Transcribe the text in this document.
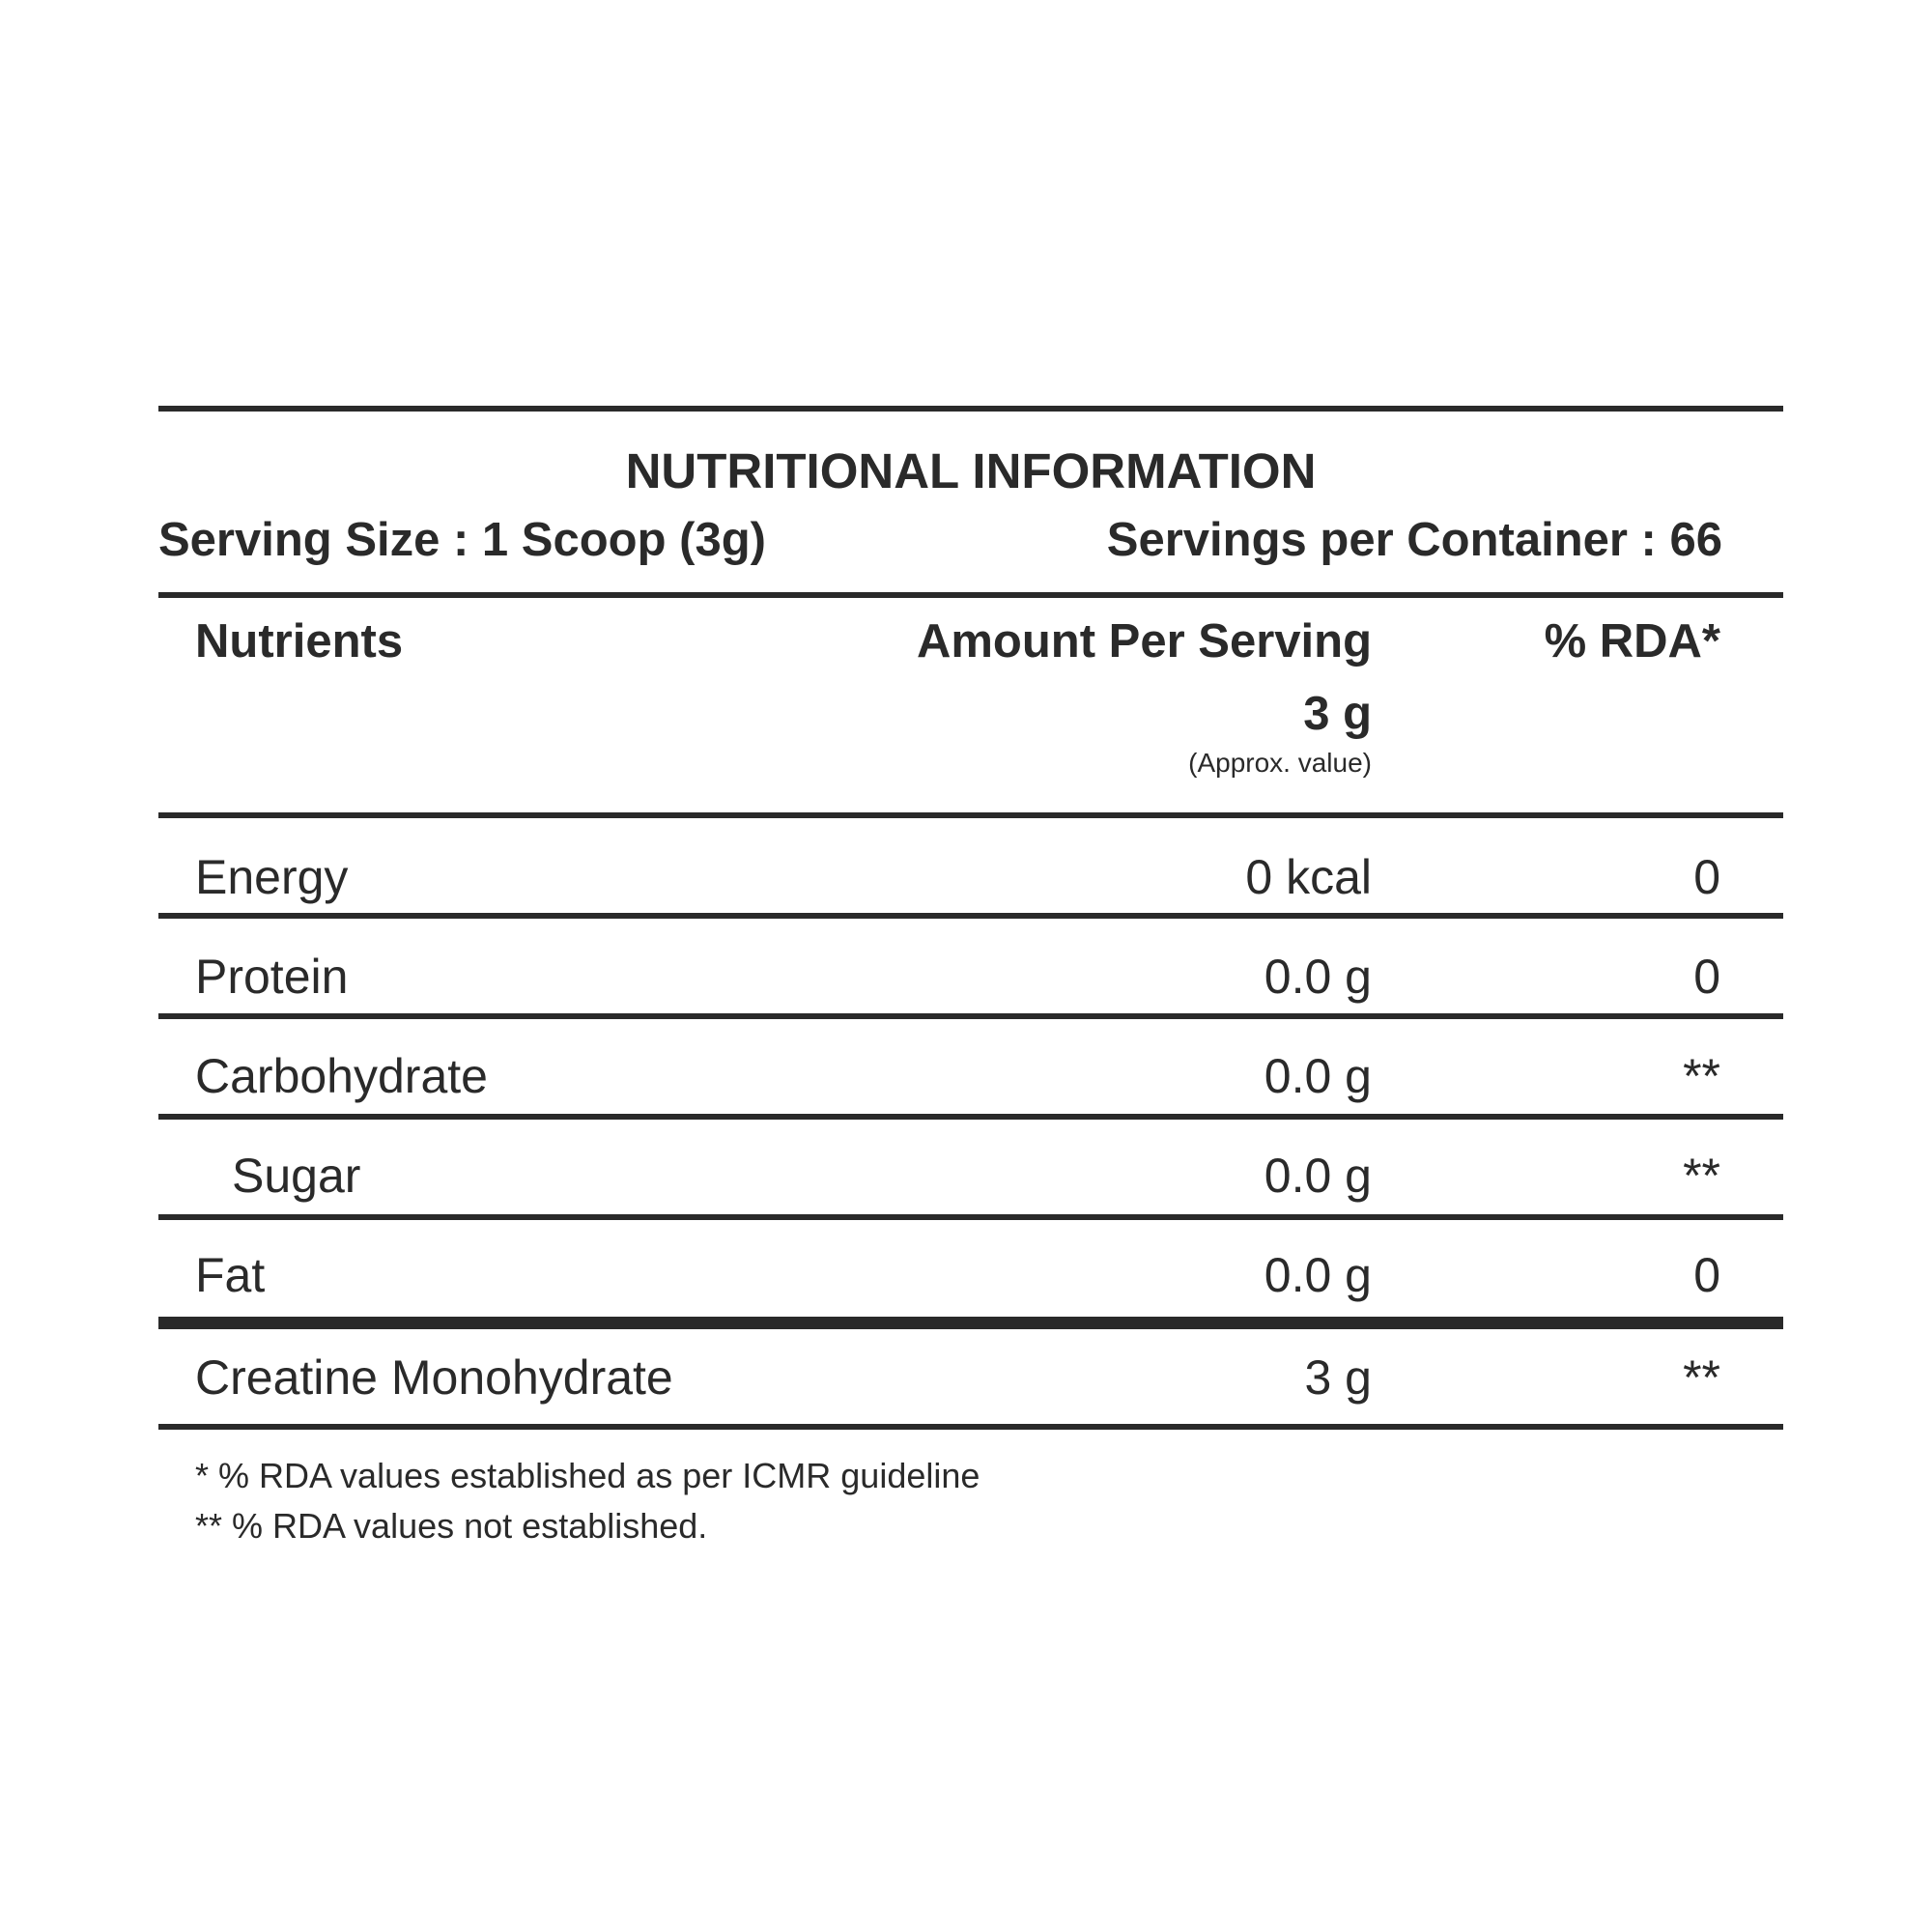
NUTRITIONAL INFORMATION
Serving Size : 1 Scoop (3g)	Servings per Container : 66
Nutrients	Amount Per Serving	% RDA*
3 g
(Approx. value)
Energy	0 kcal	0
Protein	0.0 g	0
Carbohydrate	0.0 g	**
Sugar	0.0 g	**
Fat	0.0 g	0
Creatine Monohydrate	3 g	**
* % RDA values established as per ICMR guideline
** % RDA values not established.
